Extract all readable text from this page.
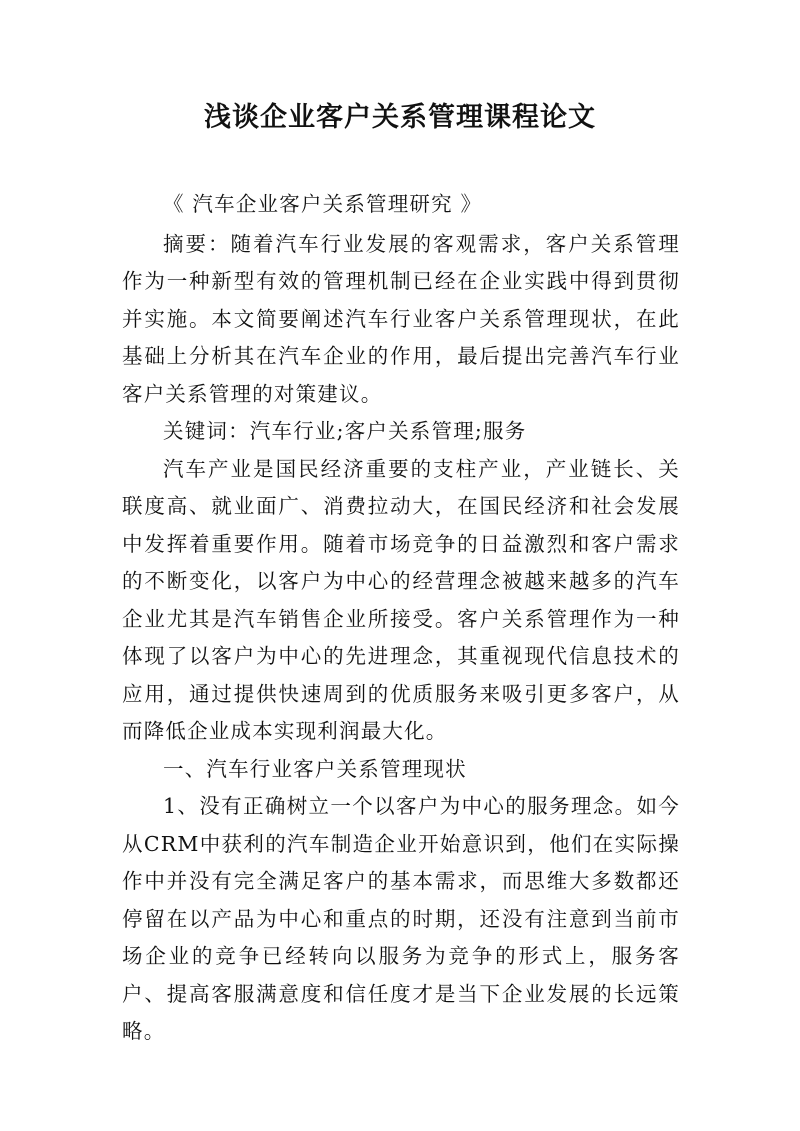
浅谈企业客户关系管理课程论文

《 汽车企业客户关系管理研究 》

摘要：随着汽车行业发展的客观需求，客户关系管理作为一种新型有效的管理机制已经在企业实践中得到贯彻并实施。本文简要阐述汽车行业客户关系管理现状，在此基础上分析其在汽车企业的作用，最后提出完善汽车行业客户关系管理的对策建议。

关键词：汽车行业;客户关系管理;服务

汽车产业是国民经济重要的支柱产业，产业链长、关联度高、就业面广、消费拉动大，在国民经济和社会发展中发挥着重要作用。随着市场竞争的日益激烈和客户需求的不断变化，以客户为中心的经营理念被越来越多的汽车企业尤其是汽车销售企业所接受。客户关系管理作为一种体现了以客户为中心的先进理念，其重视现代信息技术的应用，通过提供快速周到的优质服务来吸引更多客户，从而降低企业成本实现利润最大化。

一、汽车行业客户关系管理现状

1、没有正确树立一个以客户为中心的服务理念。如今从CRM中获利的汽车制造企业开始意识到，他们在实际操作中并没有完全满足客户的基本需求，而思维大多数都还停留在以产品为中心和重点的时期，还没有注意到当前市场企业的竞争已经转向以服务为竞争的形式上，服务客户、提高客服满意度和信任度才是当下企业发展的长远策略。
